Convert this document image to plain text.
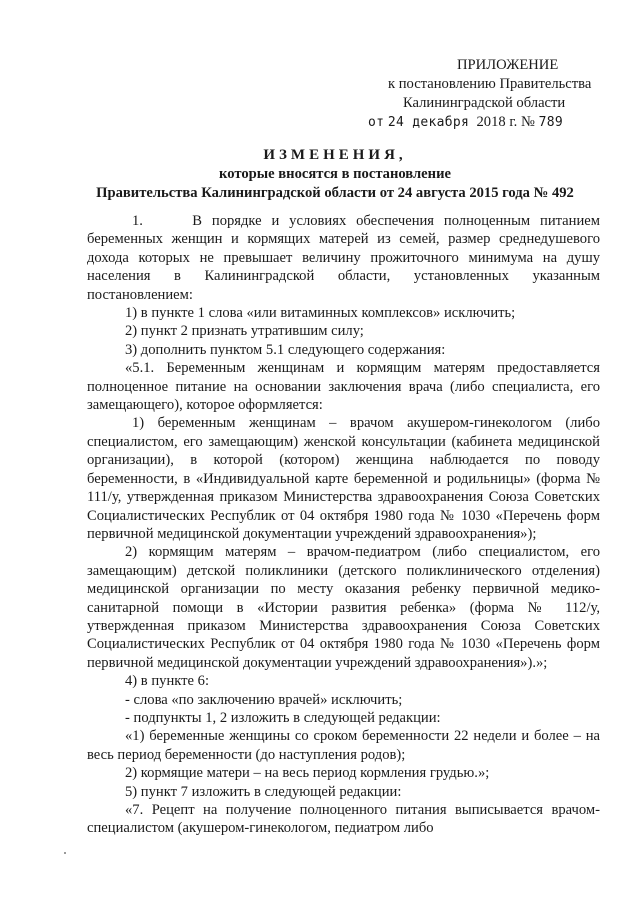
ПРИЛОЖЕНИЕ
к постановлению Правительства
Калининградской области
от 24 декабря 2018 г. № 789
ИЗМЕНЕНИЯ,
которые вносятся в постановление
Правительства Калининградской области от 24 августа 2015 года № 492

1.     В порядке и условиях обеспечения полноценным питанием беременных женщин и кормящих матерей из семей, размер среднедушевого дохода которых не превышает величину прожиточного минимума на душу населения в Калининградской области, установленных указанным постановлением:

1) в пункте 1 слова «или витаминных комплексов» исключить;

2) пункт 2 признать утратившим силу;

3) дополнить пунктом 5.1 следующего содержания:

«5.1. Беременным женщинам и кормящим матерям предоставляется полноценное питание на основании заключения врача (либо специалиста, его замещающего), которое оформляется:

1) беременным женщинам – врачом акушером-гинекологом (либо специалистом, его замещающим) женской консультации (кабинета медицинской организации), в которой (котором) женщина наблюдается по поводу беременности, в «Индивидуальной карте беременной и родильницы» (форма № 111/у, утвержденная приказом Министерства здравоохранения Союза Советских Социалистических Республик от 04 октября 1980 года № 1030 «Перечень форм первичной медицинской документации учреждений здравоохранения»);

2) кормящим матерям – врачом-педиатром (либо специалистом, его замещающим) детской поликлиники (детского поликлинического отделения) медицинской организации по месту оказания ребенку первичной медико-санитарной помощи в «Истории развития ребенка» (форма № 112/у, утвержденная приказом Министерства здравоохранения Союза Советских Социалистических Республик от 04 октября 1980 года № 1030 «Перечень форм первичной медицинской документации учреждений здравоохранения»).»;

4) в пункте 6:

- слова «по заключению врачей» исключить;

- подпункты 1, 2 изложить в следующей редакции:

«1) беременные женщины со сроком беременности 22 недели и более – на весь период беременности (до наступления родов);

2) кормящие матери – на весь период кормления грудью.»;

5) пункт 7 изложить в следующей редакции:

«7. Рецепт на получение полноценного питания выписывается врачом-специалистом (акушером-гинекологом, педиатром либо
